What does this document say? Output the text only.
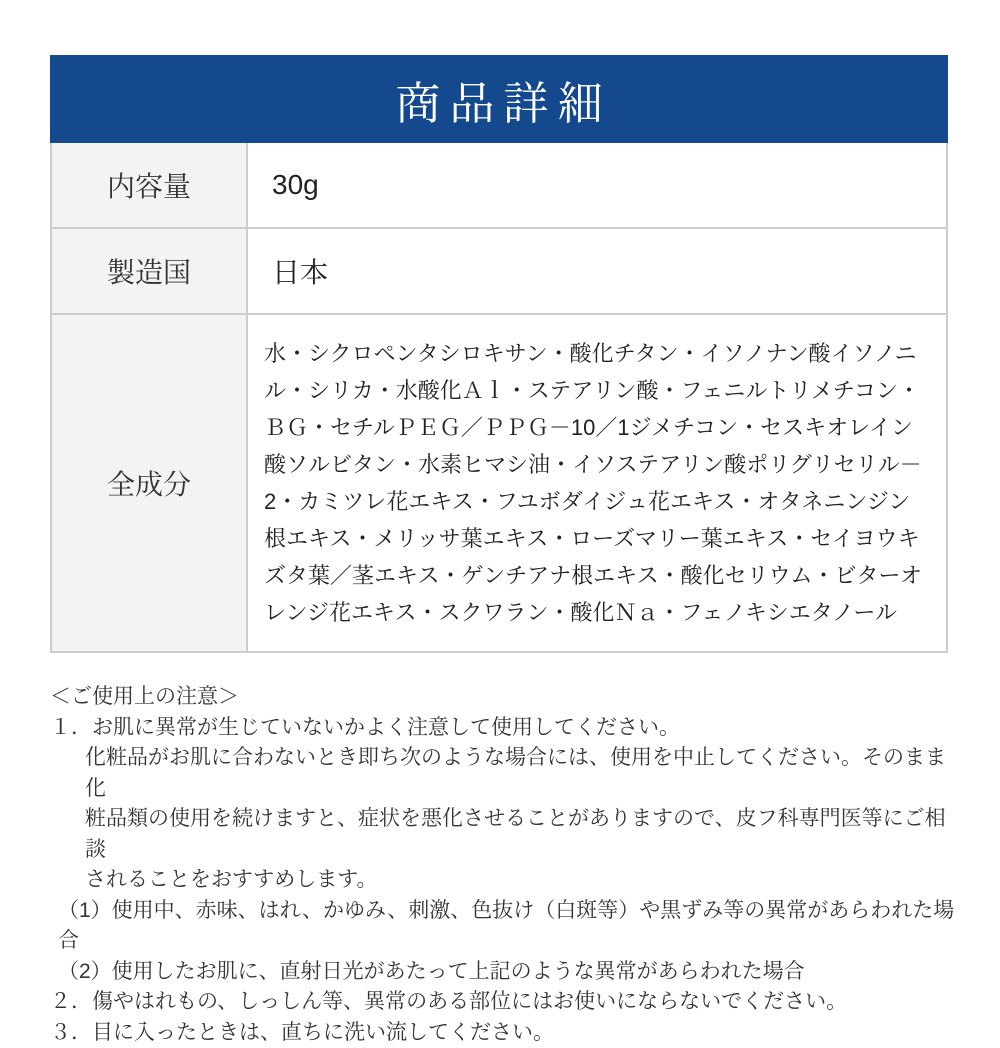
商品詳細
内容量	30g
製造国	日本
全成分
水・シクロペンタシロキサン・酸化チタン・イソノナン酸イソノニル・シリカ・水酸化Ａｌ・ステアリン酸・フェニルトリメチコン・ＢＧ・セチルＰＥＧ／ＰＰＧ－10／1ジメチコン・セスキオレイン酸ソルビタン・水素ヒマシ油・イソステアリン酸ポリグリセリル－2・カミツレ花エキス・フユボダイジュ花エキス・オタネニンジン根エキス・メリッサ葉エキス・ローズマリー葉エキス・セイヨウキズタ葉／茎エキス・ゲンチアナ根エキス・酸化セリウム・ビターオレンジ花エキス・スクワラン・酸化Ｎａ・フェノキシエタノール
＜ご使用上の注意＞
１．お肌に異常が生じていないかよく注意して使用してください。
化粧品がお肌に合わないとき即ち次のような場合には、使用を中止してください。そのまま化
粧品類の使用を続けますと、症状を悪化させることがありますので、皮フ科専門医等にご相談
されることをおすすめします。
（1）使用中、赤味、はれ、かゆみ、刺激、色抜け（白斑等）や黒ずみ等の異常があらわれた場合
（2）使用したお肌に、直射日光があたって上記のような異常があらわれた場合
２．傷やはれもの、しっしん等、異常のある部位にはお使いにならないでください。
３．目に入ったときは、直ちに洗い流してください。
